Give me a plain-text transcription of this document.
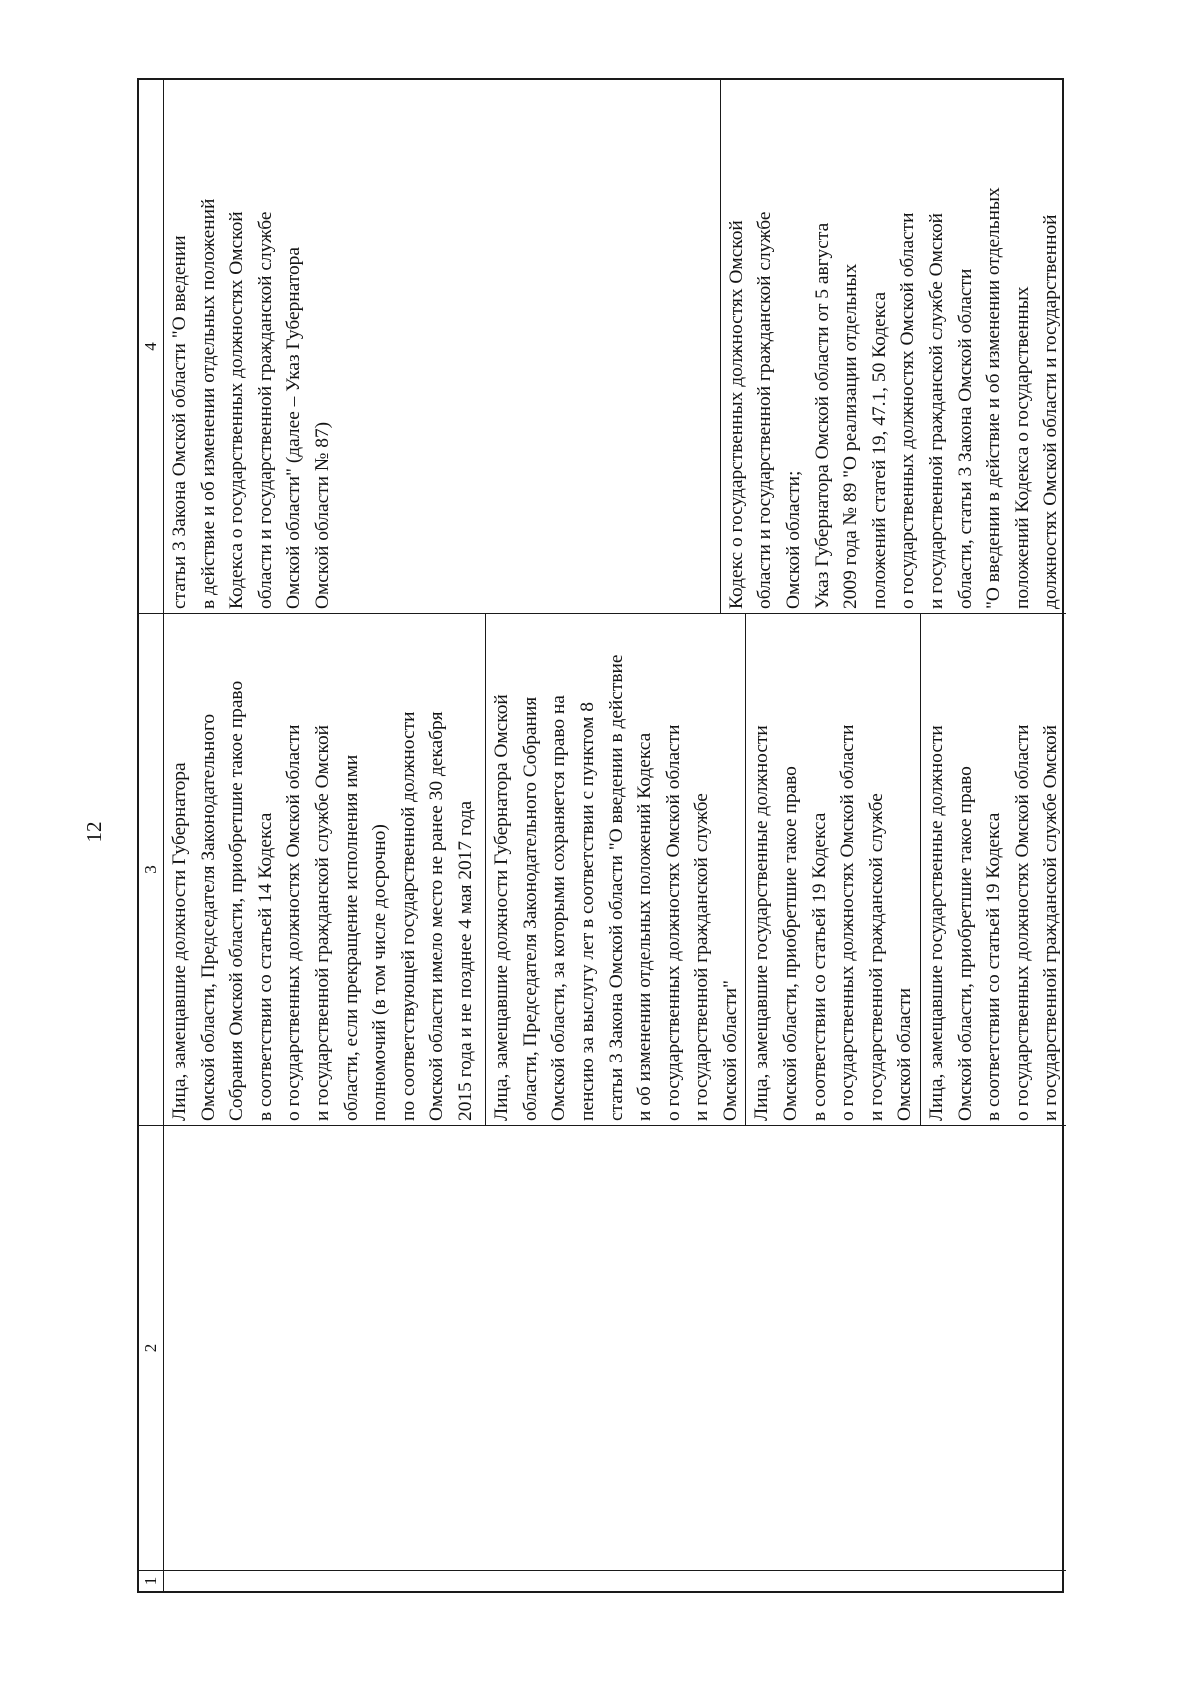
12
1
2
3
4
Лица, замещавшие должности Губернатора
Омской области, Председателя Законодательного
Собрания Омской области, приобретшие такое право
в соответствии со статьей 14 Кодекса
о государственных должностях Омской области
и государственной гражданской службе Омской
области, если прекращение исполнения ими
полномочий (в том числе досрочно)
по соответствующей государственной должности
Омской области имело место не ранее 30 декабря
2015 года и не позднее 4 мая 2017 года
Лица, замещавшие должности Губернатора Омской
области, Председателя Законодательного Собрания
Омской области, за которыми сохраняется право на
пенсию за выслугу лет в соответствии с пунктом 8
статьи 3 Закона Омской области "О введении в действие
и об изменении отдельных положений Кодекса
о государственных должностях Омской области
и государственной гражданской службе
Омской области"
Лица, замещавшие государственные должности
Омской области, приобретшие такое право
в соответствии со статьей 19 Кодекса
о государственных должностях Омской области
и государственной гражданской службе
Омской области
Лица, замещавшие государственные должности
Омской области, приобретшие такое право
в соответствии со статьей 19 Кодекса
о государственных должностях Омской области
и государственной гражданской службе Омской
статьи 3 Закона Омской области "О введении
в действие и об изменении отдельных положений
Кодекса о государственных должностях Омской
области и государственной гражданской службе
Омской области" (далее – Указ Губернатора
Омской области № 87)
Кодекс о государственных должностях Омской
области и государственной гражданской службе
Омской области;
Указ Губернатора Омской области от 5 августа
2009 года № 89 "О реализации отдельных
положений статей 19, 47.1, 50 Кодекса
о государственных должностях Омской области
и государственной гражданской службе Омской
области, статьи 3 Закона Омской области
"О введении в действие и об изменении отдельных
положений Кодекса о государственных
должностях Омской области и государственной
